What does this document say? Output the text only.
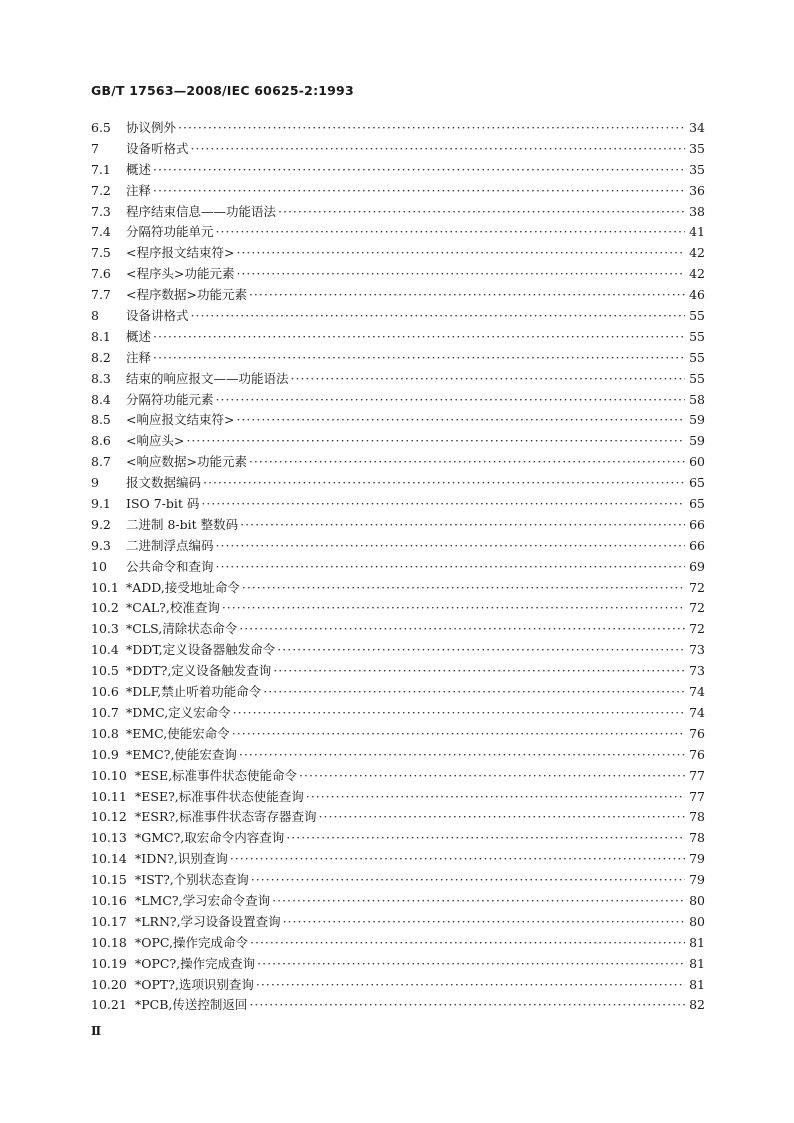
GB/T 17563—2008/IEC 60625-2:1993
6.5	协议例外 ·····	34
7	设备听格式 ·····	35
7.1	概述 ·····	35
7.2	注释 ·····	36
7.3	程序结束信息——功能语法 ·····	38
7.4	分隔符功能单元 ·····	41
7.5	<程序报文结束符> ·····	42
7.6	<程序头>功能元素 ·····	42
7.7	<程序数据>功能元素 ·····	46
8	设备讲格式 ·····	55
8.1	概述 ·····	55
8.2	注释 ·····	55
8.3	结束的响应报文——功能语法 ·····	55
8.4	分隔符功能元素 ·····	58
8.5	<响应报文结束符> ·····	59
8.6	<响应头> ·····	59
8.7	<响应数据>功能元素 ·····	60
9	报文数据编码 ·····	65
9.1	ISO 7-bit 码 ·····	65
9.2	二进制 8-bit 整数码 ·····	66
9.3	二进制浮点编码 ·····	66
10	公共命令和查询 ·····	69
10.1 *ADD,接受地址命令 ·····	72
10.2 *CAL?,校准查询 ·····	72
10.3 *CLS,清除状态命令 ·····	72
10.4 *DDT,定义设备器触发命令 ·····	73
10.5 *DDT?,定义设备触发查询 ·····	73
10.6 *DLF,禁止听着功能命令 ·····	74
10.7 *DMC,定义宏命令 ·····	74
10.8 *EMC,使能宏命令 ·····	76
10.9 *EMC?,使能宏查询 ·····	76
10.10 *ESE,标准事件状态使能命令 ·····	77
10.11 *ESE?,标准事件状态使能查询 ·····	77
10.12 *ESR?,标准事件状态寄存器查询 ·····	78
10.13 *GMC?,取宏命令内容查询 ·····	78
10.14 *IDN?,识别查询 ·····	79
10.15 *IST?,个别状态查询 ·····	79
10.16 *LMC?,学习宏命令查询 ·····	80
10.17 *LRN?,学习设备设置查询 ·····	80
10.18 *OPC,操作完成命令 ·····	81
10.19 *OPC?,操作完成查询 ·····	81
10.20 *OPT?,选项识别查询 ·····	81
10.21 *PCB,传送控制返回 ·····	82
Ⅱ
